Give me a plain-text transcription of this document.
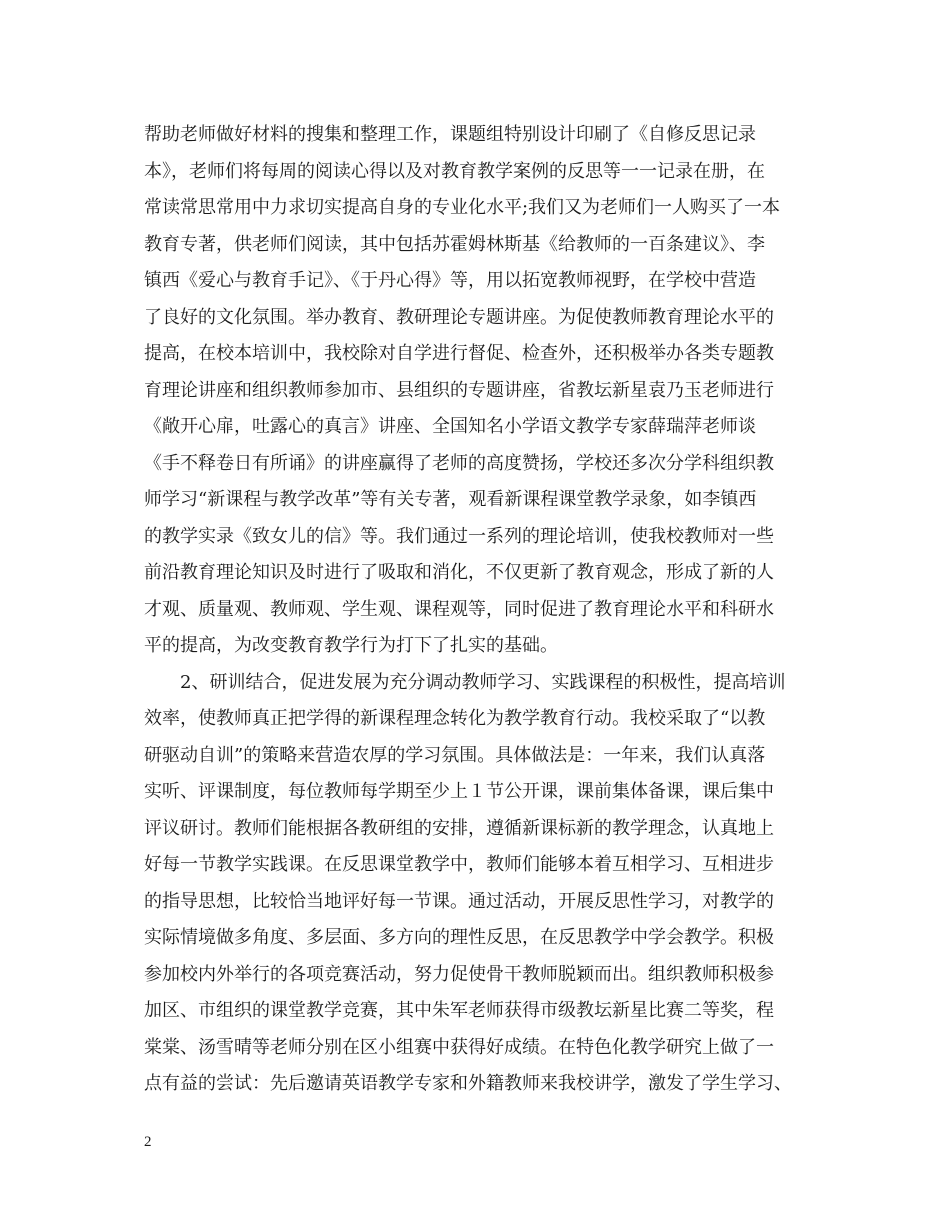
帮助老师做好材料的搜集和整理工作，课题组特别设计印刷了《自修反思记录
本》，老师们将每周的阅读心得以及对教育教学案例的反思等一一记录在册，在
常读常思常用中力求切实提高自身的专业化水平;我们又为老师们一人购买了一本
教育专著，供老师们阅读，其中包括苏霍姆林斯基《给教师的一百条建议》、李
镇西《爱心与教育手记》、《于丹心得》等，用以拓宽教师视野，在学校中营造
了良好的文化氛围。举办教育、教研理论专题讲座。为促使教师教育理论水平的
提高，在校本培训中，我校除对自学进行督促、检查外，还积极举办各类专题教
育理论讲座和组织教师参加市、县组织的专题讲座，省教坛新星袁乃玉老师进行
《敞开心扉，吐露心的真言》讲座、全国知名小学语文教学专家薛瑞萍老师谈
《手不释卷日有所诵》的讲座赢得了老师的高度赞扬，学校还多次分学科组织教
师学习“新课程与教学改革”等有关专著，观看新课程课堂教学录象，如李镇西
的教学实录《致女儿的信》等。我们通过一系列的理论培训，使我校教师对一些
前沿教育理论知识及时进行了吸取和消化，不仅更新了教育观念，形成了新的人
才观、质量观、教师观、学生观、课程观等，同时促进了教育理论水平和科研水
平的提高，为改变教育教学行为打下了扎实的基础。
2、研训结合，促进发展为充分调动教师学习、实践课程的积极性，提高培训
效率，使教师真正把学得的新课程理念转化为教学教育行动。我校采取了“以教
研驱动自训”的策略来营造农厚的学习氛围。具体做法是：一年来，我们认真落
实听、评课制度，每位教师每学期至少上１节公开课，课前集体备课，课后集中
评议研讨。教师们能根据各教研组的安排，遵循新课标新的教学理念，认真地上
好每一节教学实践课。在反思课堂教学中，教师们能够本着互相学习、互相进步
的指导思想，比较恰当地评好每一节课。通过活动，开展反思性学习，对教学的
实际情境做多角度、多层面、多方向的理性反思，在反思教学中学会教学。积极
参加校内外举行的各项竞赛活动，努力促使骨干教师脱颖而出。组织教师积极参
加区、市组织的课堂教学竞赛，其中朱军老师获得市级教坛新星比赛二等奖，程
棠棠、汤雪晴等老师分别在区小组赛中获得好成绩。在特色化教学研究上做了一
点有益的尝试：先后邀请英语教学专家和外籍教师来我校讲学，激发了学生学习、
2
